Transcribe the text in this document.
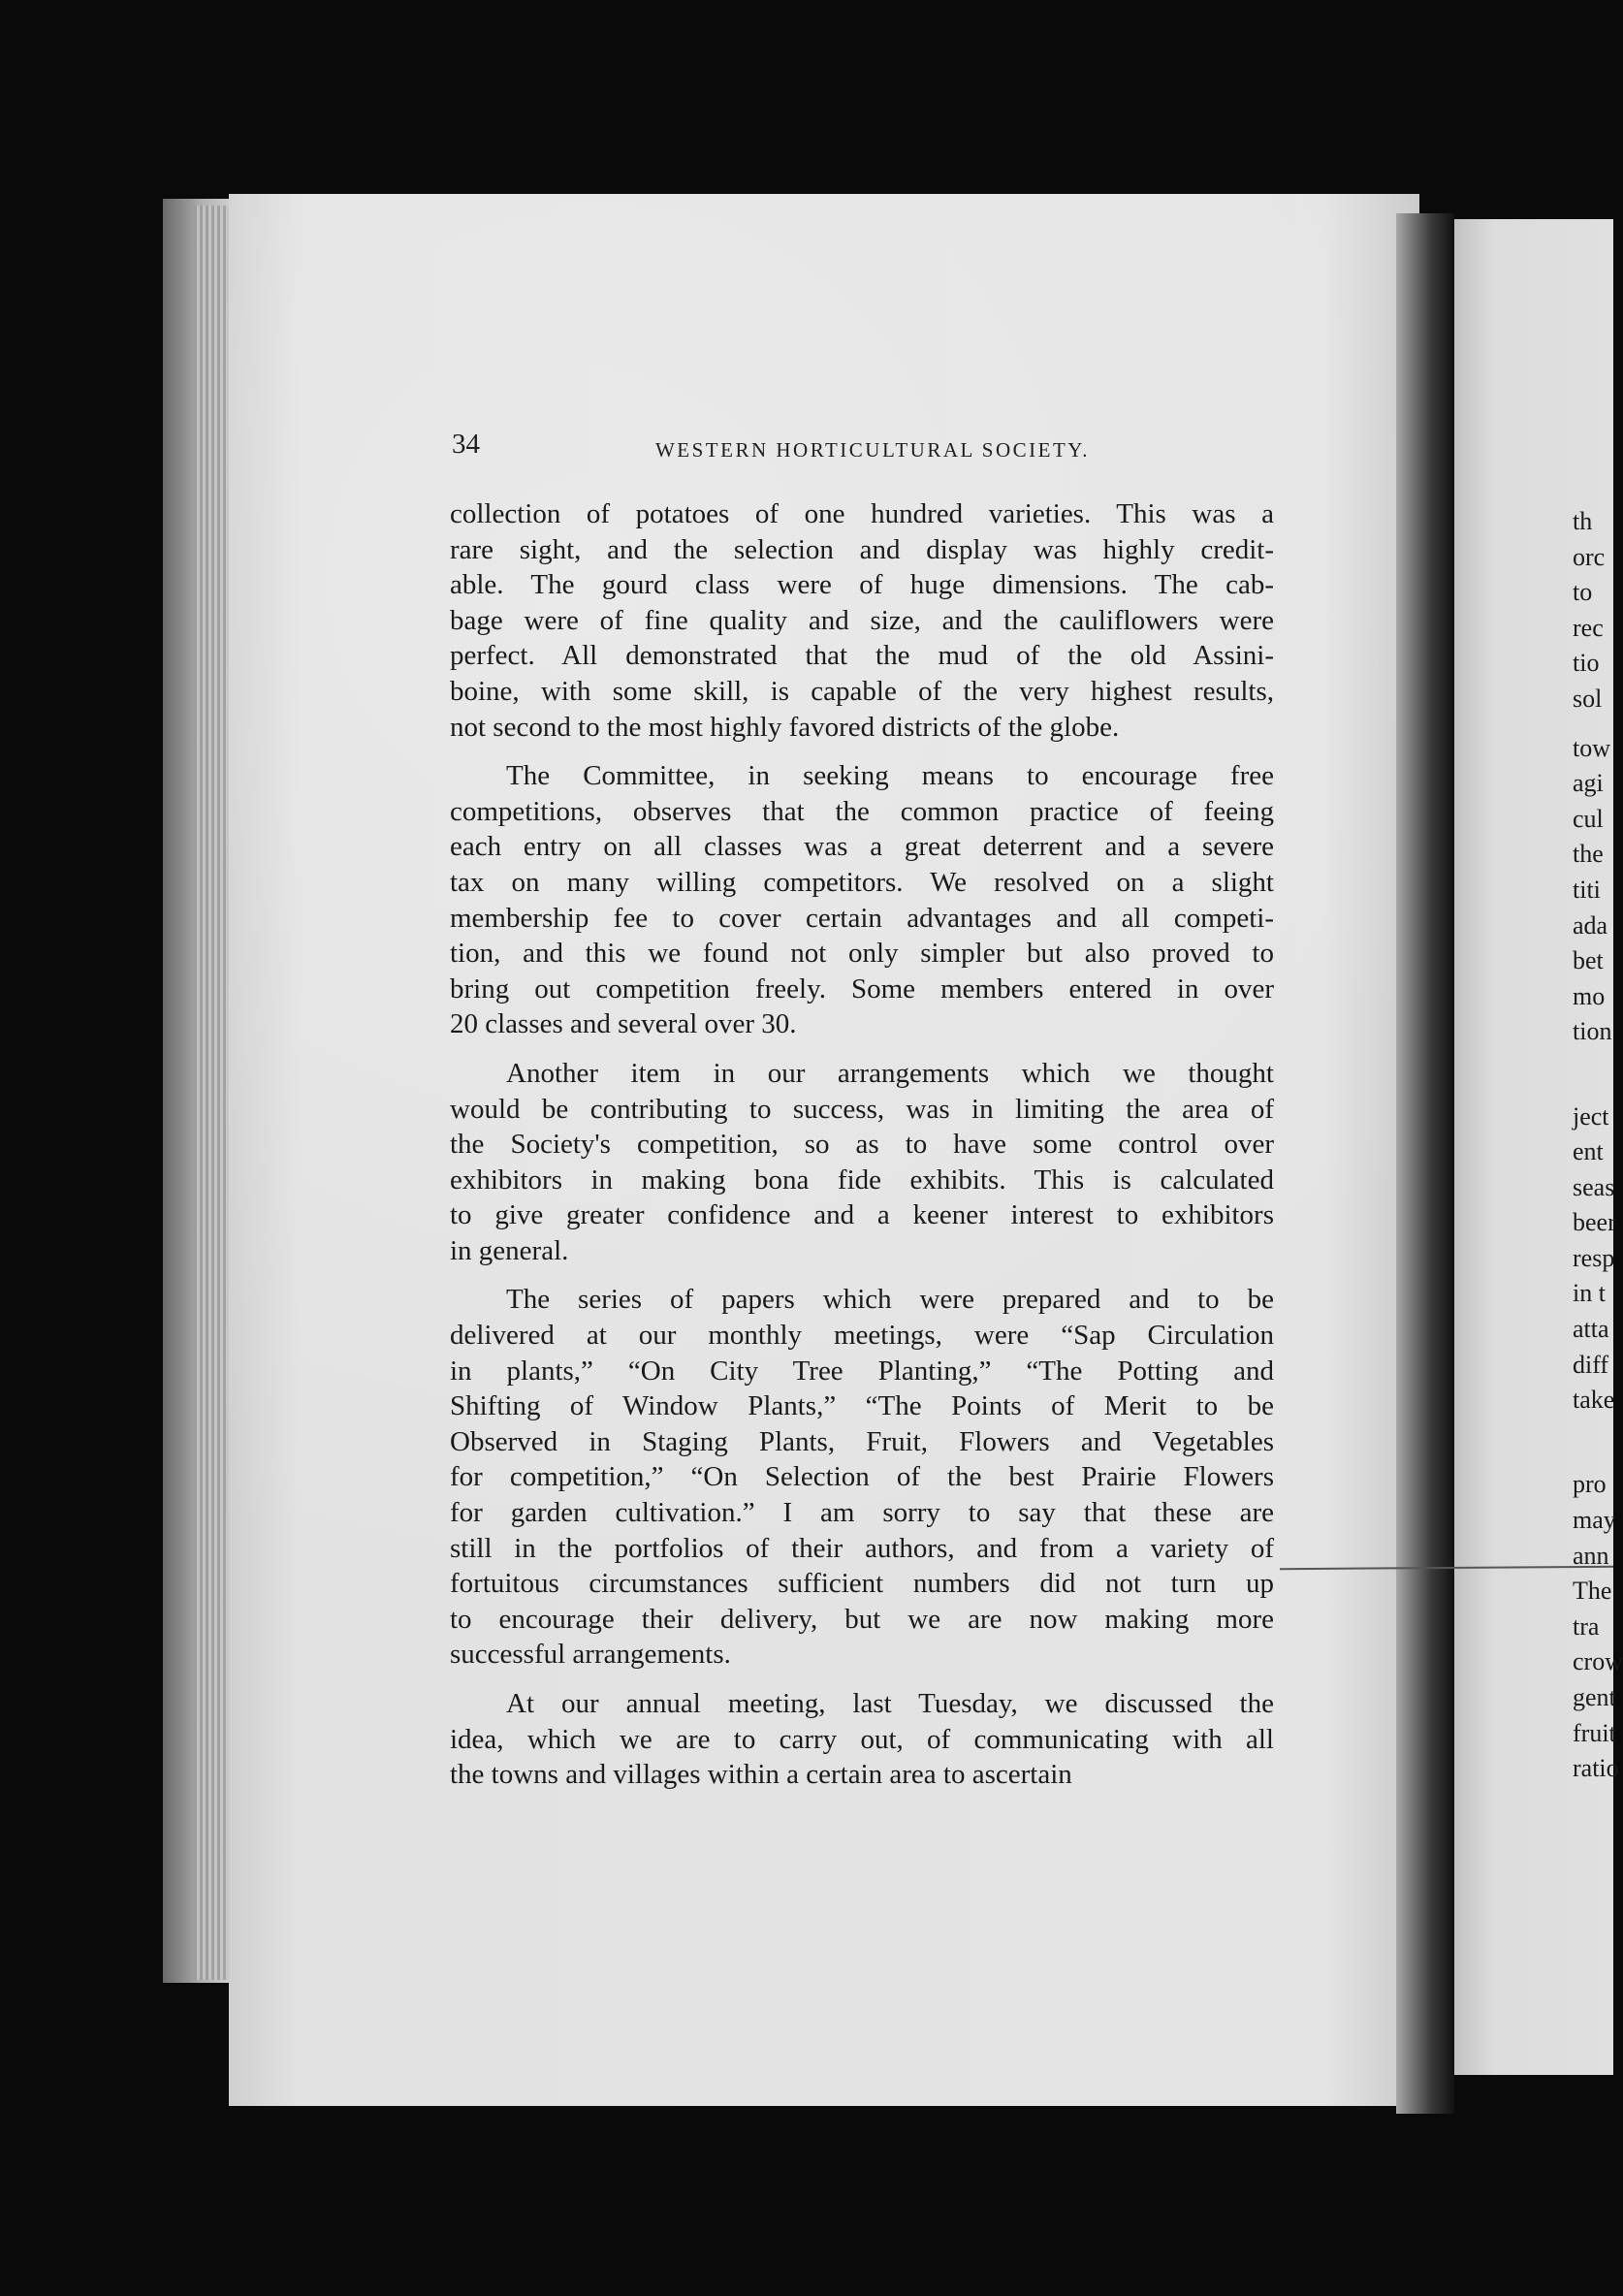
34	WESTERN HORTICULTURAL SOCIETY.
collection of potatoes of one hundred varieties. This was a
rare sight, and the selection and display was highly credit-
able. The gourd class were of huge dimensions. The cab-
bage were of fine quality and size, and the cauliflowers were
perfect. All demonstrated that the mud of the old Assini-
boine, with some skill, is capable of the very highest results,
not second to the most highly favored districts of the globe.
The Committee, in seeking means to encourage free
competitions, observes that the common practice of feeing
each entry on all classes was a great deterrent and a severe
tax on many willing competitors. We resolved on a slight
membership fee to cover certain advantages and all competi-
tion, and this we found not only simpler but also proved to
bring out competition freely. Some members entered in over
20 classes and several over 30.
Another item in our arrangements which we thought
would be contributing to success, was in limiting the area of
the Society's competition, so as to have some control over
exhibitors in making bona fide exhibits. This is calculated
to give greater confidence and a keener interest to exhibitors
in general.
The series of papers which were prepared and to be
delivered at our monthly meetings, were “Sap Circulation
in plants,” “On City Tree Planting,” “The Potting and
Shifting of Window Plants,” “The Points of Merit to be
Observed in Staging Plants, Fruit, Flowers and Vegetables
for competition,” “On Selection of the best Prairie Flowers
for garden cultivation.” I am sorry to say that these are
still in the portfolios of their authors, and from a variety of
fortuitous circumstances sufficient numbers did not turn up
to encourage their delivery, but we are now making more
successful arrangements.
At our annual meeting, last Tuesday, we discussed the
idea, which we are to carry out, of communicating with all
the towns and villages within a certain area to ascertain
th
orc
to
rec
tio
sol
tow
agi
cul
the
titi
ada
bet
mo
tion
ject
ent
seas
beer
resp
in t
atta
diff
take
pro
may
ann
The
tra
crow
gent
fruit
ratio
